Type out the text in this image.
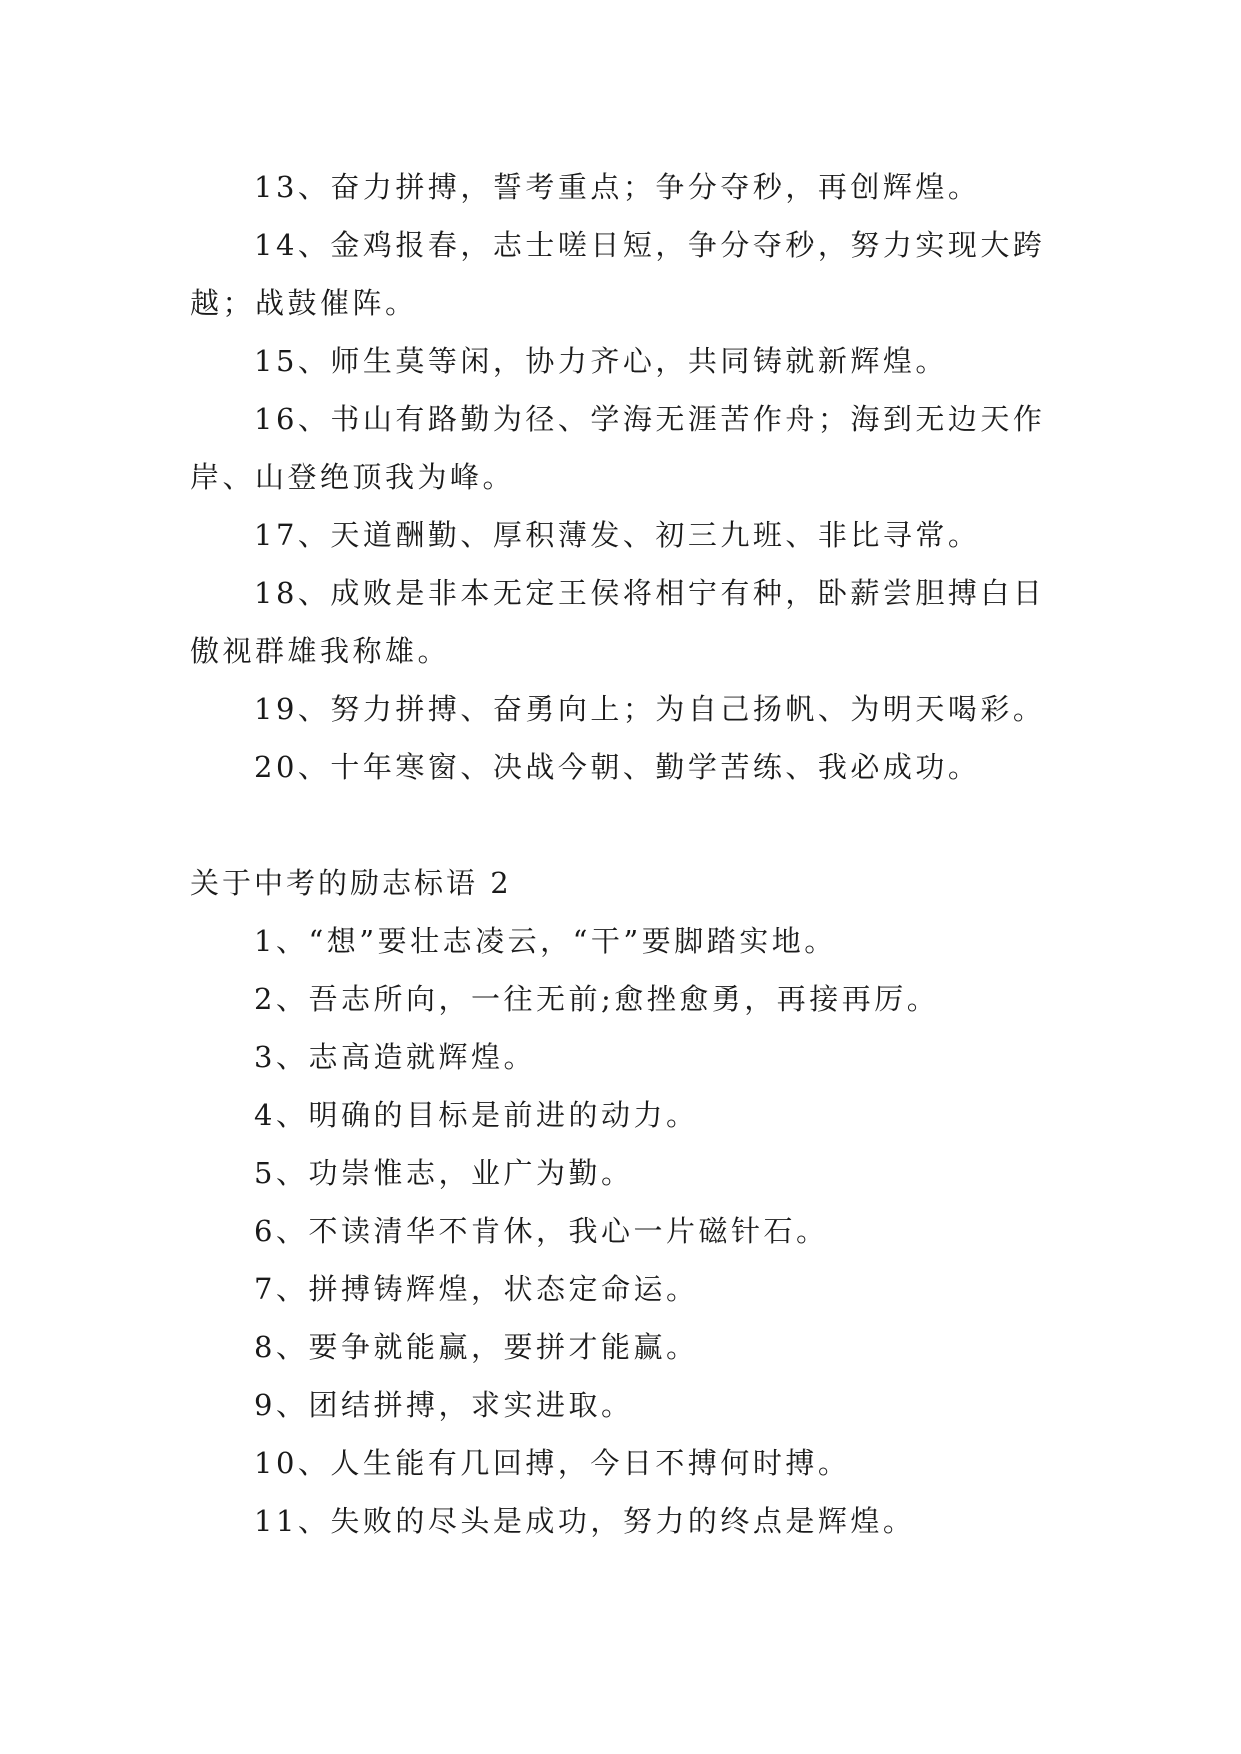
13、奋力拼搏，誓考重点；争分夺秒，再创辉煌。

14、金鸡报春，志士嗟日短，争分夺秒，努力实现大跨越；战鼓催阵。

15、师生莫等闲，协力齐心，共同铸就新辉煌。

16、书山有路勤为径、学海无涯苦作舟；海到无边天作岸、山登绝顶我为峰。

17、天道酬勤、厚积薄发、初三九班、非比寻常。

18、成败是非本无定王侯将相宁有种，卧薪尝胆搏白日傲视群雄我称雄。

19、努力拼搏、奋勇向上；为自己扬帆、为明天喝彩。

20、十年寒窗、决战今朝、勤学苦练、我必成功。

关于中考的励志标语 2

1、“想”要壮志凌云，“干”要脚踏实地。

2、吾志所向，一往无前;愈挫愈勇，再接再厉。

3、志高造就辉煌。

4、明确的目标是前进的动力。

5、功崇惟志，业广为勤。

6、不读清华不肯休，我心一片磁针石。

7、拼搏铸辉煌，状态定命运。

8、要争就能赢，要拼才能赢。

9、团结拼搏，求实进取。

10、人生能有几回搏，今日不搏何时搏。

11、失败的尽头是成功，努力的终点是辉煌。
